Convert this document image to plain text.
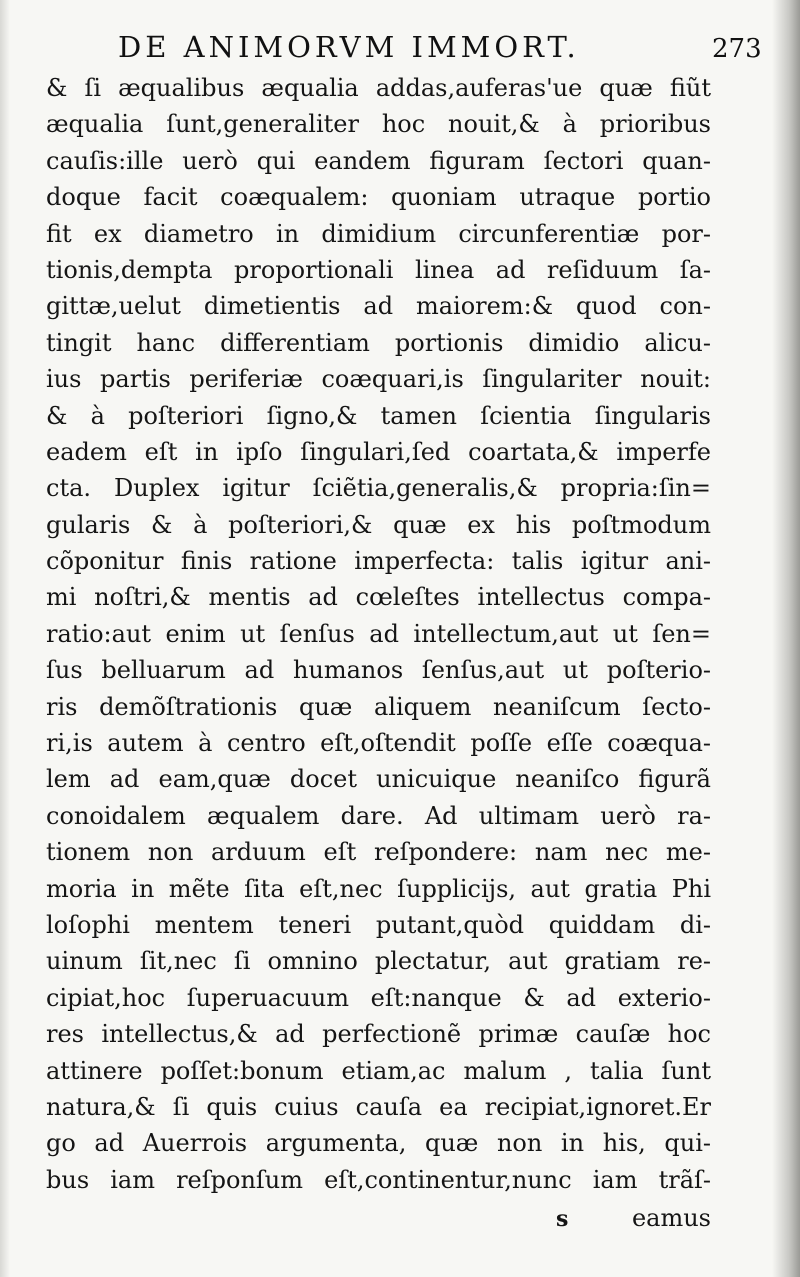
DE ANIMORVM IMMORT.	273
& ſi æqualibus æqualia addas,auferas'ue quæ fiũt
æqualia ſunt,generaliter hoc nouit,& à prioribus
cauſis:ille uerò qui eandem figuram ſectori quan-
doque facit coæqualem: quoniam utraque portio
fit ex diametro in dimidium circunferentiæ por-
tionis,dempta proportionali linea ad reſiduum ſa-
gittæ,uelut dimetientis ad maiorem:& quod con-
tingit hanc differentiam portionis dimidio alicu-
ius partis periferiæ coæquari,is ſingulariter nouit:
& à poſteriori ſigno,& tamen ſcientia ſingularis
eadem eſt in ipſo ſingulari,ſed coartata,& imperfe
cta. Duplex igitur ſciẽtia,generalis,& propria:ſin=
gularis & à poſteriori,& quæ ex his poſtmodum
cõponitur finis ratione imperfecta: talis igitur ani-
mi noſtri,& mentis ad cœleſtes intellectus compa-
ratio:aut enim ut ſenſus ad intellectum,aut ut ſen=
ſus belluarum ad humanos ſenſus,aut ut poſterio-
ris demõſtrationis quæ aliquem neaniſcum ſecto-
ri,is autem à centro eſt,oſtendit poſſe eſſe coæqua-
lem ad eam,quæ docet unicuique neaniſco figurã
conoidalem æqualem dare. Ad ultimam uerò ra-
tionem non arduum eſt reſpondere: nam nec me-
moria in mẽte ſita eſt,nec ſupplicijs, aut gratia Phi
loſophi mentem teneri putant,quòd quiddam di-
uinum ſit,nec ſi omnino plectatur, aut gratiam re-
cipiat,hoc ſuperuacuum eſt:nanque & ad exterio-
res intellectus,& ad perfectionẽ primæ cauſæ hoc
attinere poſſet:bonum etiam,ac malum , talia ſunt
natura,& ſi quis cuius cauſa ea recipiat,ignoret.Er
go ad Auerrois argumenta, quæ non in his, qui-
bus iam reſponſum eſt,continentur,nunc iam trãſ-
s	eamus
